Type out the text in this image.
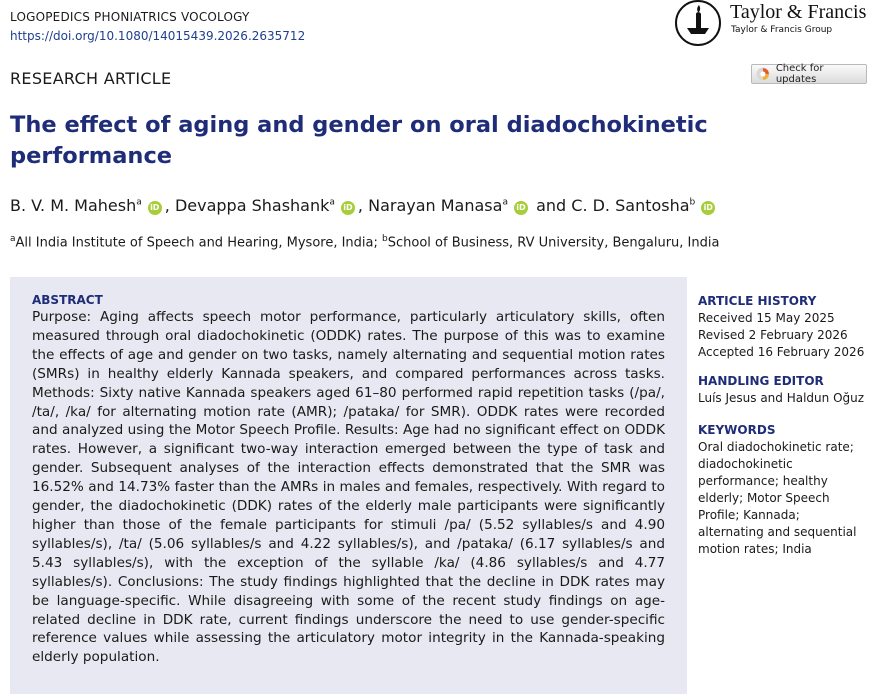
LOGOPEDICS PHONIATRICS VOCOLOGY
https://doi.org/10.1080/14015439.2026.2635712
Taylor & Francis
Taylor & Francis Group
RESEARCH ARTICLE
Check for updates
The effect of aging and gender on oral diadochokinetic performance
B. V. M. Mahesh$^a$ iD , Devappa Shashank$^a$ iD , Narayan Manasa$^a$ iD and C. D. Santosha$^b$ iD
$^a$All India Institute of Speech and Hearing, Mysore, India; $^b$School of Business, RV University, Bengaluru, India
ABSTRACT

Purpose: Aging affects speech motor performance, particularly articulatory skills, often measured through oral diadochokinetic (ODDK) rates. The purpose of this was to examine the effects of age and gender on two tasks, namely alternating and sequential motion rates (SMRs) in healthy elderly Kannada speakers, and compared performances across tasks. Methods: Sixty native Kannada speakers aged 61–80 performed rapid repetition tasks (/pa/, /ta/, /ka/ for alternating motion rate (AMR); /pataka/ for SMR). ODDK rates were recorded and analyzed using the Motor Speech Profile. Results: Age had no significant effect on ODDK rates. However, a significant two-way interaction emerged between the type of task and gender. Subsequent analyses of the interaction effects demonstrated that the SMR was 16.52% and 14.73% faster than the AMRs in males and females, respectively. With regard to gender, the diadochokinetic (DDK) rates of the elderly male participants were significantly higher than those of the female participants for stimuli /pa/ (5.52 syllables/s and 4.90 syllables/s), /ta/ (5.06 syllables/s and 4.22 syllables/s), and /pataka/ (6.17 syllables/s and 5.43 syllables/s), with the exception of the syllable /ka/ (4.86 syllables/s and 4.77 syllables/s). Conclusions: The study findings highlighted that the decline in DDK rates may be language-specific. While disagreeing with some of the recent study findings on age-related decline in DDK rate, current findings underscore the need to use gender-specific reference values while assessing the articulatory motor integrity in the Kannada-speaking elderly population.

ARTICLE HISTORY
Received 15 May 2025
Revised 2 February 2026
Accepted 16 February 2026
HANDLING EDITOR
Luís Jesus and Haldun Oğuz
KEYWORDS
Oral diadochokinetic rate; diadochokinetic performance; healthy elderly; Motor Speech Profile; Kannada; alternating and sequential motion rates; India
